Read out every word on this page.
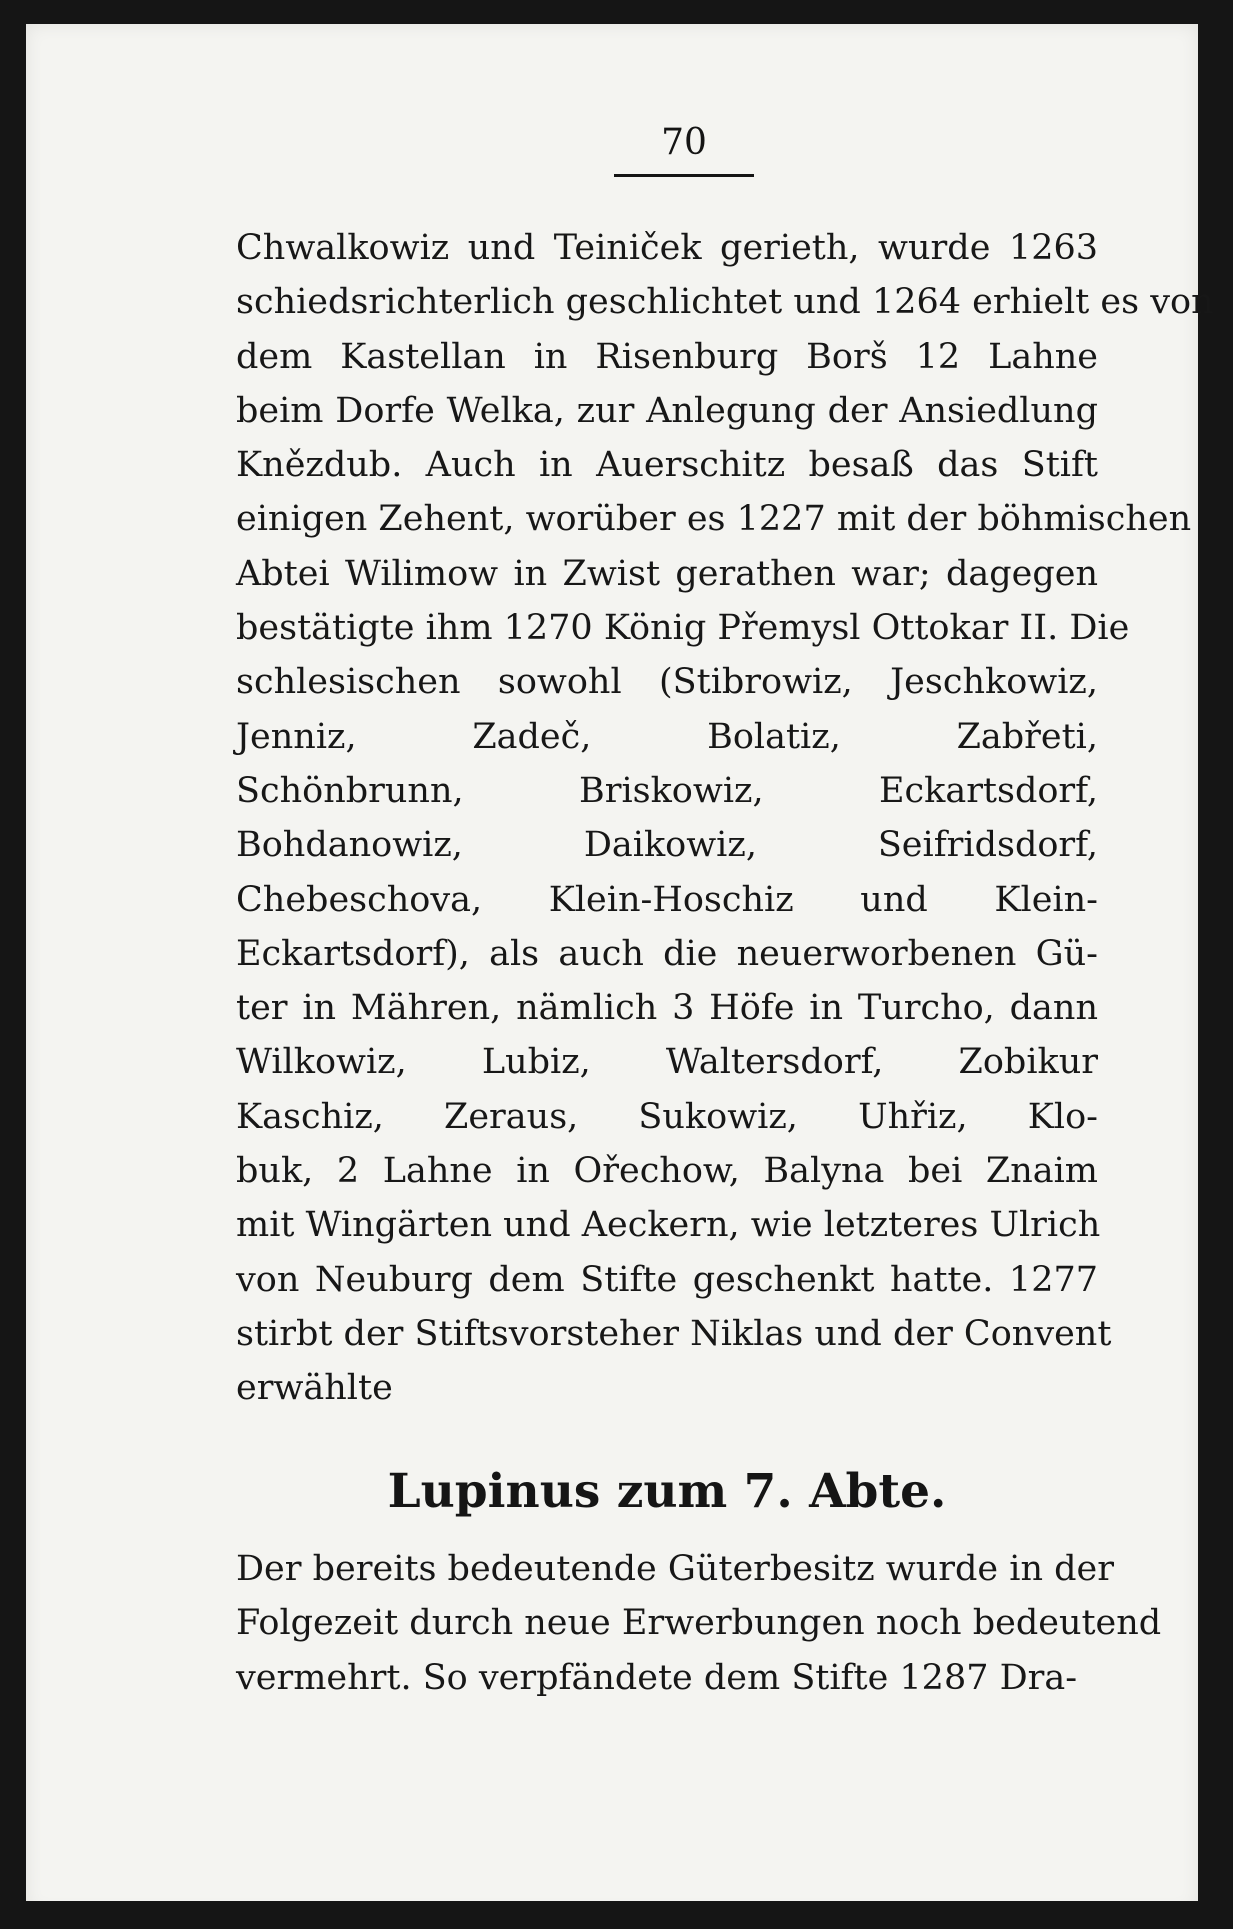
70
Chwalkowiz und Teiniček gerieth, wurde 1263
schiedsrichterlich geschlichtet und 1264 erhielt es von
dem Kastellan in Risenburg Borš 12 Lahne
beim Dorfe Welka, zur Anlegung der Ansiedlung
Knězdub. Auch in Auerschitz besaß das Stift
einigen Zehent, worüber es 1227 mit der böhmischen
Abtei Wilimow in Zwist gerathen war; dagegen
bestätigte ihm 1270 König Přemysl Ottokar II. Die
schlesischen sowohl (Stibrowiz, Jeschkowiz,
Jenniz, Zadeč, Bolatiz, Zabřeti,
Schönbrunn, Briskowiz, Eckartsdorf,
Bohdanowiz, Daikowiz, Seifridsdorf,
Chebeschova, Klein-Hoschiz und Klein-
Eckartsdorf), als auch die neuerworbenen Gü-
ter in Mähren, nämlich 3 Höfe in Turcho, dann
Wilkowiz, Lubiz, Waltersdorf, Zobikur
Kaschiz, Zeraus, Sukowiz, Uhřiz, Klo-
buk, 2 Lahne in Ořechow, Balyna bei Znaim
mit Wingärten und Aeckern, wie letzteres Ulrich
von Neuburg dem Stifte geschenkt hatte. 1277
stirbt der Stiftsvorsteher Niklas und der Convent
erwählte
Lupinus zum 7. Abte.
Der bereits bedeutende Güterbesitz wurde in der
Folgezeit durch neue Erwerbungen noch bedeutend
vermehrt. So verpfändete dem Stifte 1287 Dra-
